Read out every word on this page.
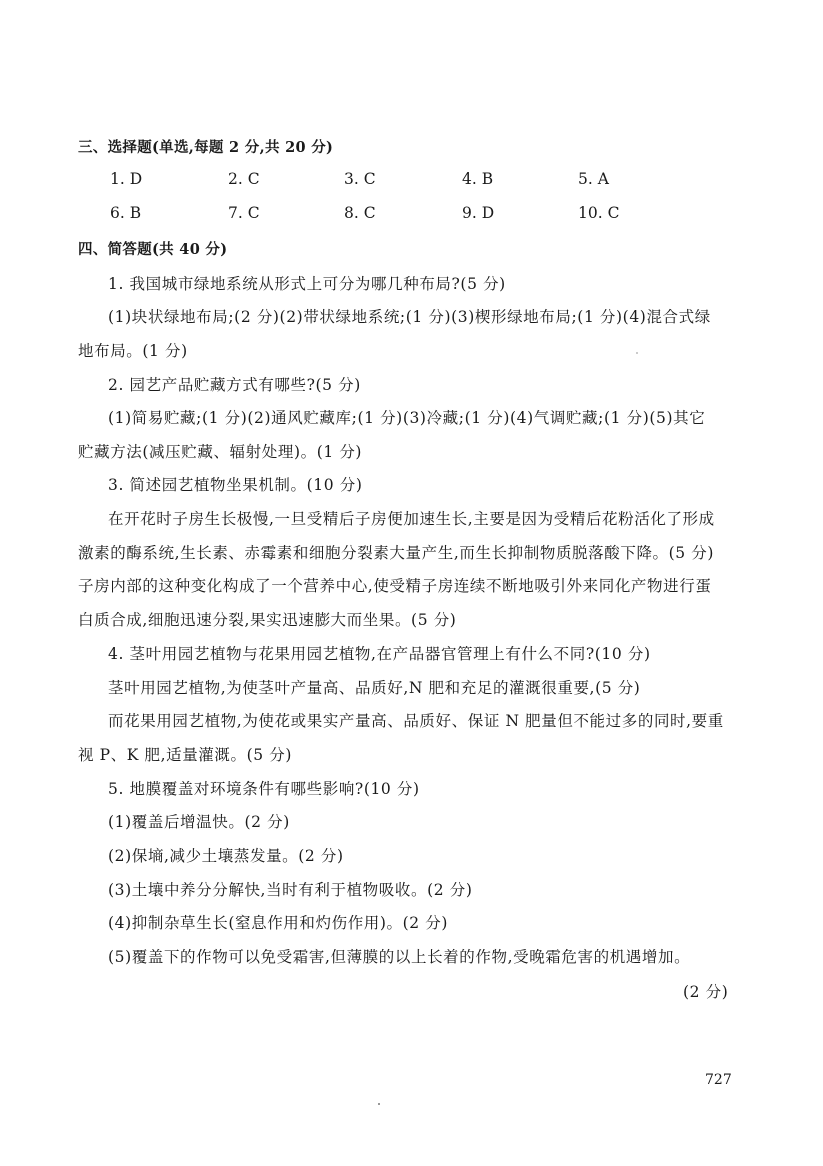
三、选择题(单选,每题 2 分,共 20 分)
1. D	2. C	3. C	4. B	5. A
6. B	7. C	8. C	9. D	10. C
四、简答题(共 40 分)
1. 我国城市绿地系统从形式上可分为哪几种布局?(5 分)
(1)块状绿地布局;(2 分)(2)带状绿地系统;(1 分)(3)楔形绿地布局;(1 分)(4)混合式绿
地布局。(1 分)
2. 园艺产品贮藏方式有哪些?(5 分)
(1)简易贮藏;(1 分)(2)通风贮藏库;(1 分)(3)冷藏;(1 分)(4)气调贮藏;(1 分)(5)其它
贮藏方法(减压贮藏、辐射处理)。(1 分)
3. 简述园艺植物坐果机制。(10 分)
在开花时子房生长极慢,一旦受精后子房便加速生长,主要是因为受精后花粉活化了形成
激素的酶系统,生长素、赤霉素和细胞分裂素大量产生,而生长抑制物质脱落酸下降。(5 分)
子房内部的这种变化构成了一个营养中心,使受精子房连续不断地吸引外来同化产物进行蛋
白质合成,细胞迅速分裂,果实迅速膨大而坐果。(5 分)
4. 茎叶用园艺植物与花果用园艺植物,在产品器官管理上有什么不同?(10 分)
茎叶用园艺植物,为使茎叶产量高、品质好,N 肥和充足的灌溉很重要,(5 分)
而花果用园艺植物,为使花或果实产量高、品质好、保证 N 肥量但不能过多的同时,要重
视 P、K 肥,适量灌溉。(5 分)
5. 地膜覆盖对环境条件有哪些影响?(10 分)
(1)覆盖后增温快。(2 分)
(2)保墒,减少土壤蒸发量。(2 分)
(3)土壤中养分分解快,当时有利于植物吸收。(2 分)
(4)抑制杂草生长(窒息作用和灼伤作用)。(2 分)
(5)覆盖下的作物可以免受霜害,但薄膜的以上长着的作物,受晚霜危害的机遇增加。
(2 分)
727
